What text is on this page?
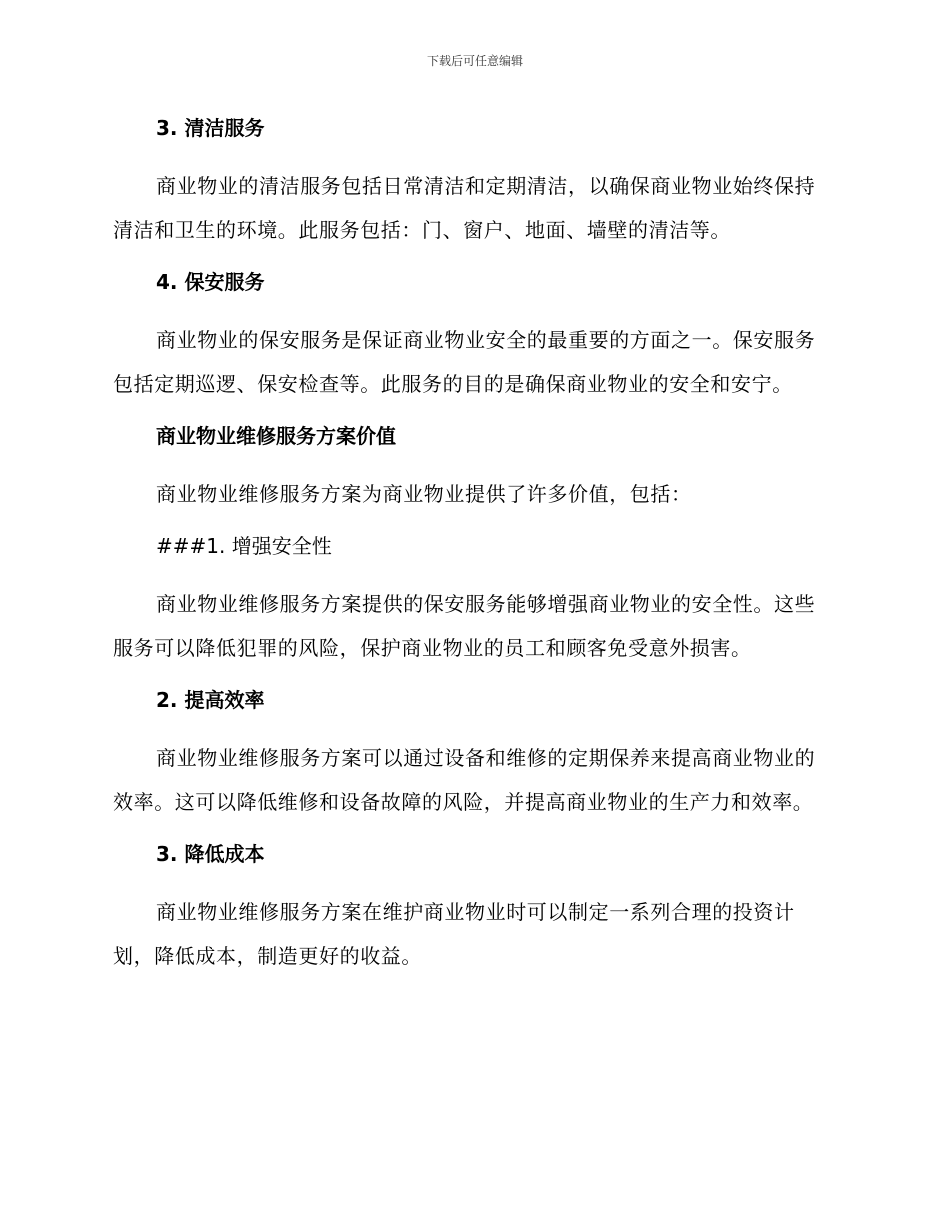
下载后可任意编辑
3. 清洁服务

商业物业的清洁服务包括日常清洁和定期清洁，以确保商业物业始终保持清洁和卫生的环境。此服务包括：门、窗户、地面、墙壁的清洁等。

4. 保安服务

商业物业的保安服务是保证商业物业安全的最重要的方面之一。保安服务包括定期巡逻、保安检查等。此服务的目的是确保商业物业的安全和安宁。

商业物业维修服务方案价值

商业物业维修服务方案为商业物业提供了许多价值，包括：

###1. 增强安全性

商业物业维修服务方案提供的保安服务能够增强商业物业的安全性。这些服务可以降低犯罪的风险，保护商业物业的员工和顾客免受意外损害。

2. 提高效率

商业物业维修服务方案可以通过设备和维修的定期保养来提高商业物业的效率。这可以降低维修和设备故障的风险，并提高商业物业的生产力和效率。

3. 降低成本

商业物业维修服务方案在维护商业物业时可以制定一系列合理的投资计划，降低成本，制造更好的收益。
